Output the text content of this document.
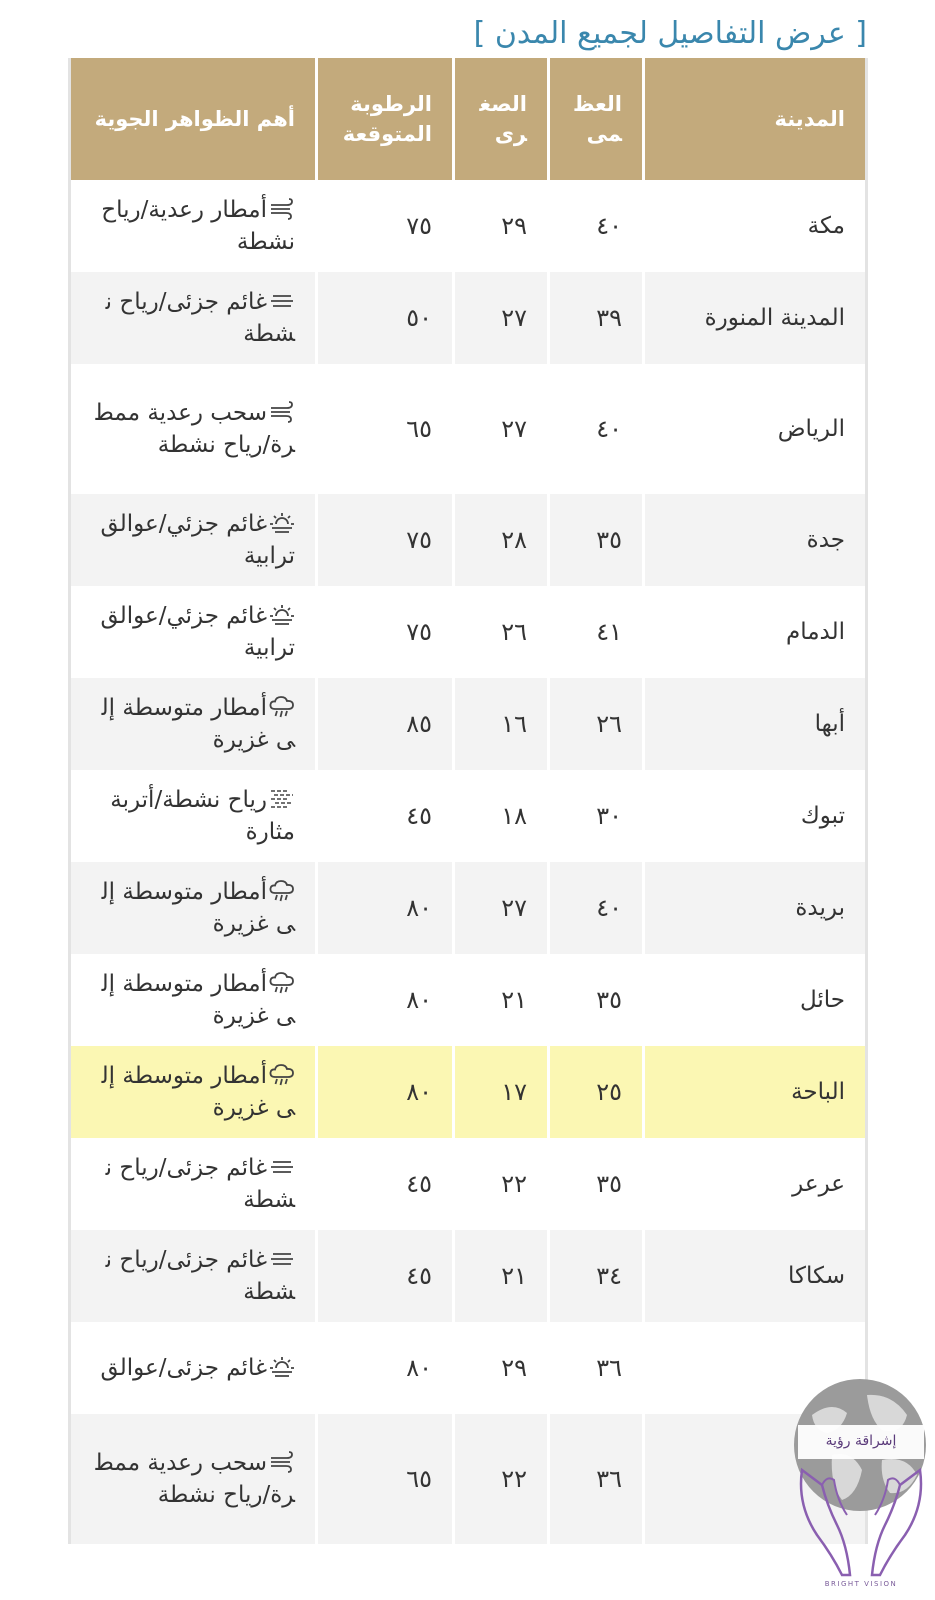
[ عرض التفاصيل لجميع المدن ]
المدينة	العظمى	الصغرى	الرطوبة المتوقعة	أهم الظواهر الجوية
مكة	٤٠	٢٩	٧٥	أمطار رعدية/رياح نشطة
المدينة المنورة	٣٩	٢٧	٥٠	غائم جزئى/رياح نشطة
الرياض	٤٠	٢٧	٦٥	سحب رعدية ممطرة/رياح نشطة
جدة	٣٥	٢٨	٧٥	غائم جزئي/عوالق ترابية
الدمام	٤١	٢٦	٧٥	غائم جزئي/عوالق ترابية
أبها	٢٦	١٦	٨٥	أمطار متوسطة إلى غزيرة
تبوك	٣٠	١٨	٤٥	رياح نشطة/أتربة مثارة
بريدة	٤٠	٢٧	٨٠	أمطار متوسطة إلى غزيرة
حائل	٣٥	٢١	٨٠	أمطار متوسطة إلى غزيرة
الباحة	٢٥	١٧	٨٠	أمطار متوسطة إلى غزيرة
عرعر	٣٥	٢٢	٤٥	غائم جزئى/رياح نشطة
سكاكا	٣٤	٢١	٤٥	غائم جزئى/رياح نشطة
	٣٦	٢٩	٨٠	غائم جزئى/عوالق
	٣٦	٢٢	٦٥	سحب رعدية ممطرة/رياح نشطة
إشراقة رؤية
BRIGHT VISION
